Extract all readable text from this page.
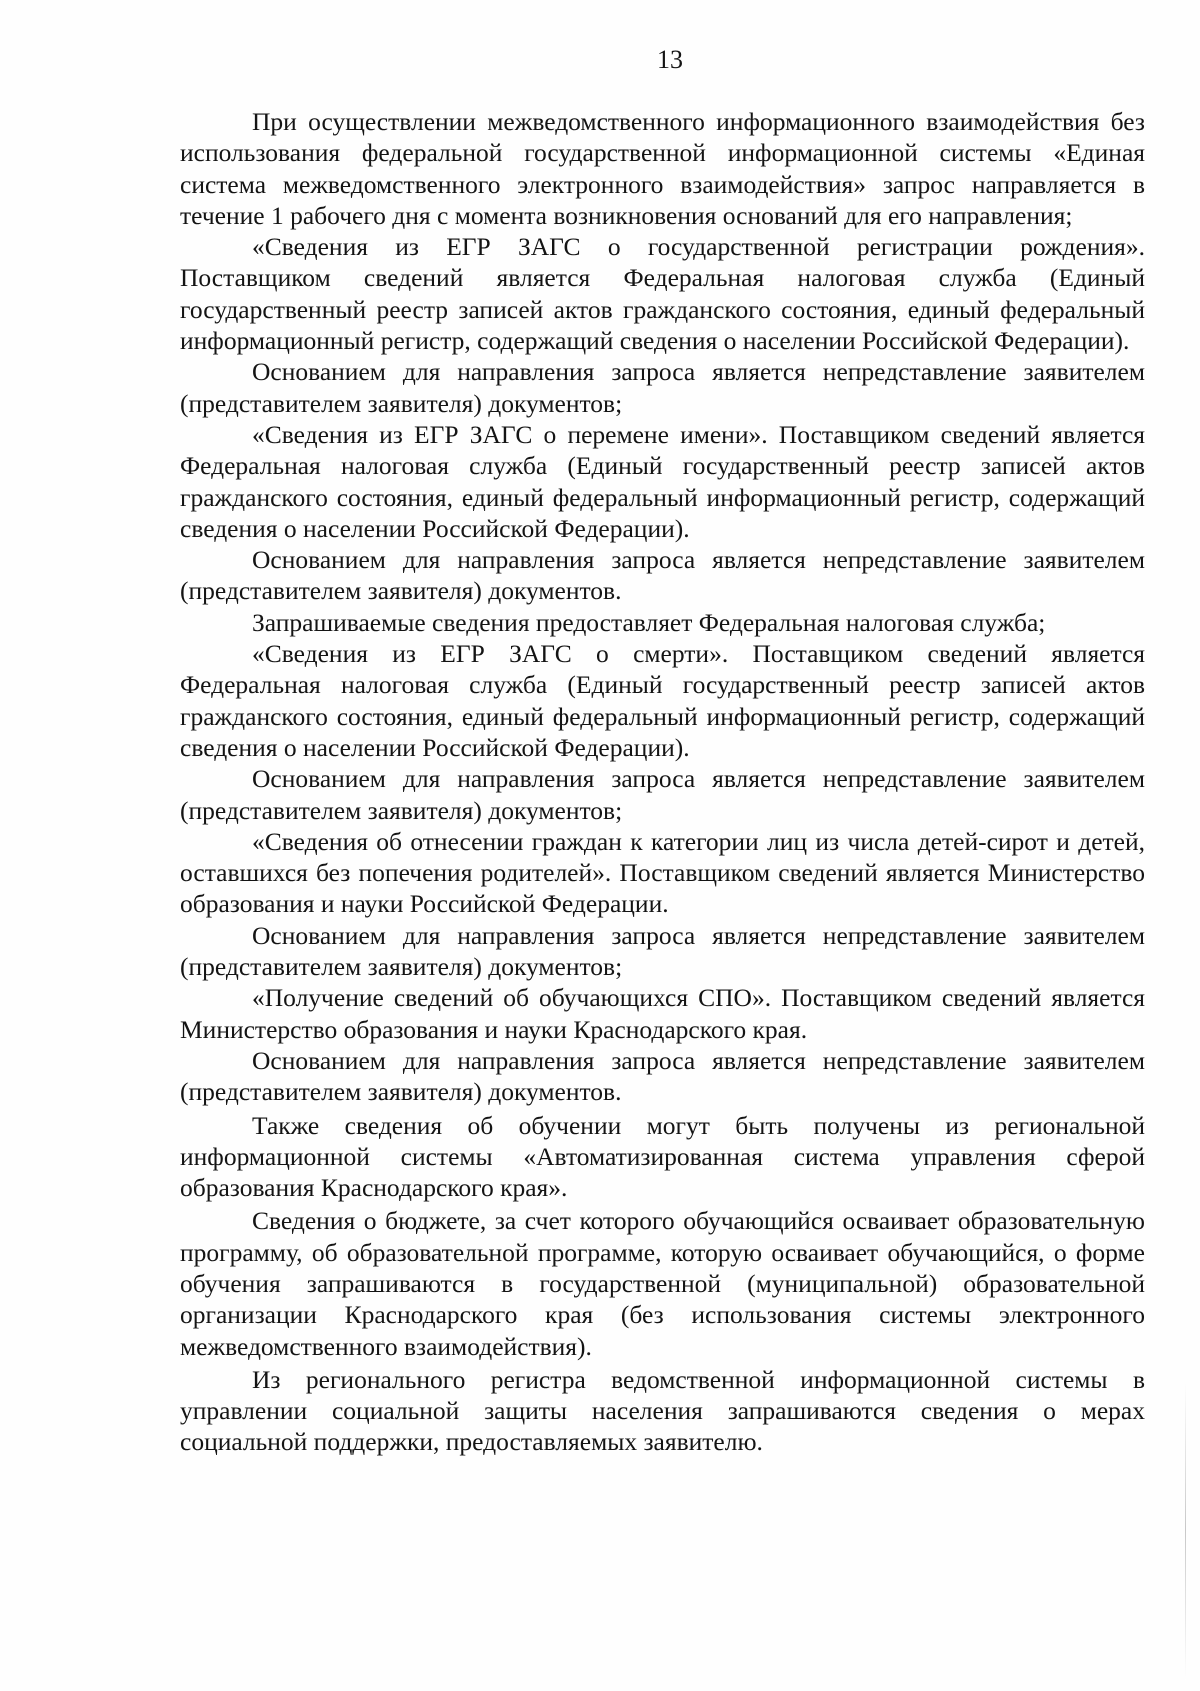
13

При осуществлении межведомственного информационного взаимодействия без использования федеральной государственной информационной системы «Единая система межведомственного электронного взаимодействия» запрос направляется в течение 1 рабочего дня с момента возникновения оснований для его направления;

«Сведения из ЕГР ЗАГС о государственной регистрации рождения». Поставщиком сведений является Федеральная налоговая служба (Единый государственный реестр записей актов гражданского состояния, единый федеральный информационный регистр, содержащий сведения о населении Российской Федерации).

Основанием для направления запроса является непредставление заявителем (представителем заявителя) документов;

«Сведения из ЕГР ЗАГС о перемене имени». Поставщиком сведений является Федеральная налоговая служба (Единый государственный реестр записей актов гражданского состояния, единый федеральный информационный регистр, содержащий сведения о населении Российской Федерации).

Основанием для направления запроса является непредставление заявителем (представителем заявителя) документов.

Запрашиваемые сведения предоставляет Федеральная налоговая служба;

«Сведения из ЕГР ЗАГС о смерти». Поставщиком сведений является Федеральная налоговая служба (Единый государственный реестр записей актов гражданского состояния, единый федеральный информационный регистр, содержащий сведения о населении Российской Федерации).

Основанием для направления запроса является непредставление заявителем (представителем заявителя) документов;

«Сведения об отнесении граждан к категории лиц из числа детей-сирот и детей, оставшихся без попечения родителей». Поставщиком сведений является Министерство образования и науки Российской Федерации.

Основанием для направления запроса является непредставление заявителем (представителем заявителя) документов;

«Получение сведений об обучающихся СПО». Поставщиком сведений является Министерство образования и науки Краснодарского края.

Основанием для направления запроса является непредставление заявителем (представителем заявителя) документов.

Также сведения об обучении могут быть получены из региональной информационной системы «Автоматизированная система управления сферой образования Краснодарского края».

Сведения о бюджете, за счет которого обучающийся осваивает образовательную программу, об образовательной программе, которую осваивает обучающийся, о форме обучения запрашиваются в государственной (муниципальной) образовательной организации Краснодарского края (без использования системы электронного межведомственного взаимодействия).

Из регионального регистра ведомственной информационной системы в управлении социальной защиты населения запрашиваются сведения о мерах социальной поддержки, предоставляемых заявителю.
